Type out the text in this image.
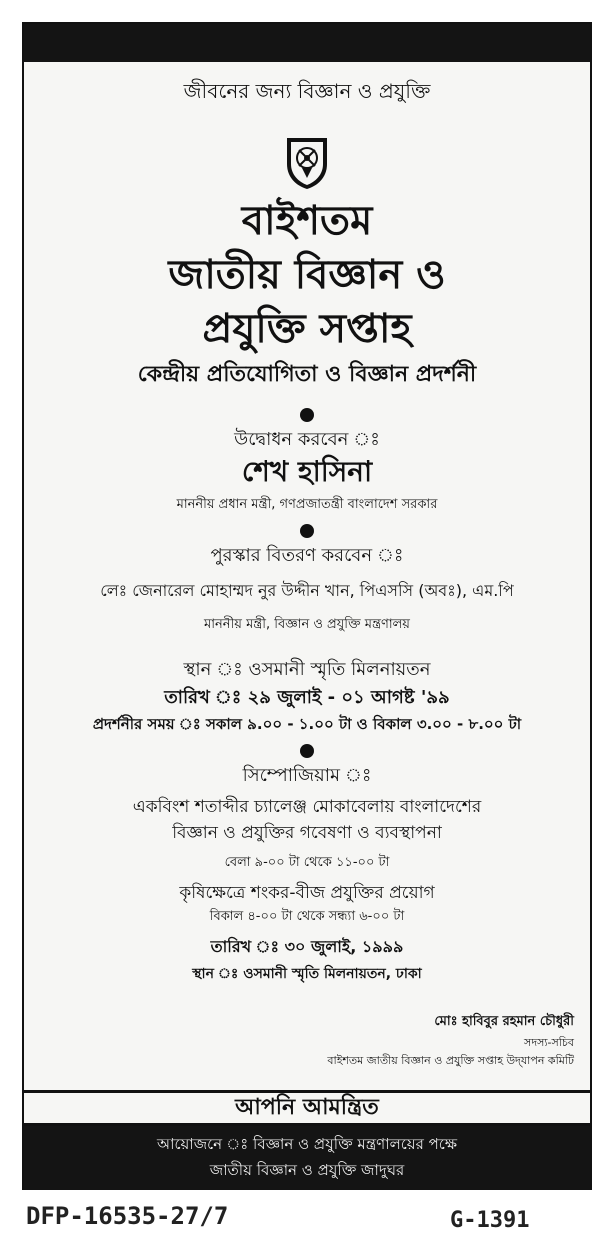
জীবনের জন্য বিজ্ঞান ও প্রযুক্তি
বাইশতম
জাতীয় বিজ্ঞান ও
প্রযুক্তি সপ্তাহ
কেন্দ্রীয় প্রতিযোগিতা ও বিজ্ঞান প্রদর্শনী
উদ্বোধন করবেন ঃ
শেখ হাসিনা
মাননীয় প্রধান মন্ত্রী, গণপ্রজাতন্ত্রী বাংলাদেশ সরকার
পুরস্কার বিতরণ করবেন ঃ
লেঃ জেনারেল মোহাম্মদ নুর উদ্দীন খান, পিএসসি (অবঃ), এম.পি
মাননীয় মন্ত্রী, বিজ্ঞান ও প্রযুক্তি মন্ত্রণালয়
স্থান ঃ ওসমানী স্মৃতি মিলনায়তন
তারিখ ঃ ২৯ জুলাই - ০১ আগষ্ট '৯৯
প্রদর্শনীর সময় ঃ সকাল ৯.০০ - ১.০০ টা ও বিকাল ৩.০০ - ৮.০০ টা
সিম্পোজিয়াম ঃ
একবিংশ শতাব্দীর চ্যালেঞ্জ মোকাবেলায় বাংলাদেশের
বিজ্ঞান ও প্রযুক্তির গবেষণা ও ব্যবস্থাপনা
বেলা ৯-০০ টা থেকে ১১-০০ টা
কৃষিক্ষেত্রে শংকর-বীজ প্রযুক্তির প্রয়োগ
বিকাল ৪-০০ টা থেকে সন্ধ্যা ৬-০০ টা
তারিখ ঃ ৩০ জুলাই, ১৯৯৯
স্থান ঃ ওসমানী স্মৃতি মিলনায়তন, ঢাকা
মোঃ হাবিবুর রহমান চৌধুরী
সদস্য-সচিব
বাইশতম জাতীয় বিজ্ঞান ও প্রযুক্তি সপ্তাহ উদ্‌যাপন কমিটি
আপনি আমন্ত্রিত
আয়োজনে ঃ বিজ্ঞান ও প্রযুক্তি মন্ত্রণালয়ের পক্ষে
জাতীয় বিজ্ঞান ও প্রযুক্তি জাদুঘর
DFP-16535-27/7	G-1391
